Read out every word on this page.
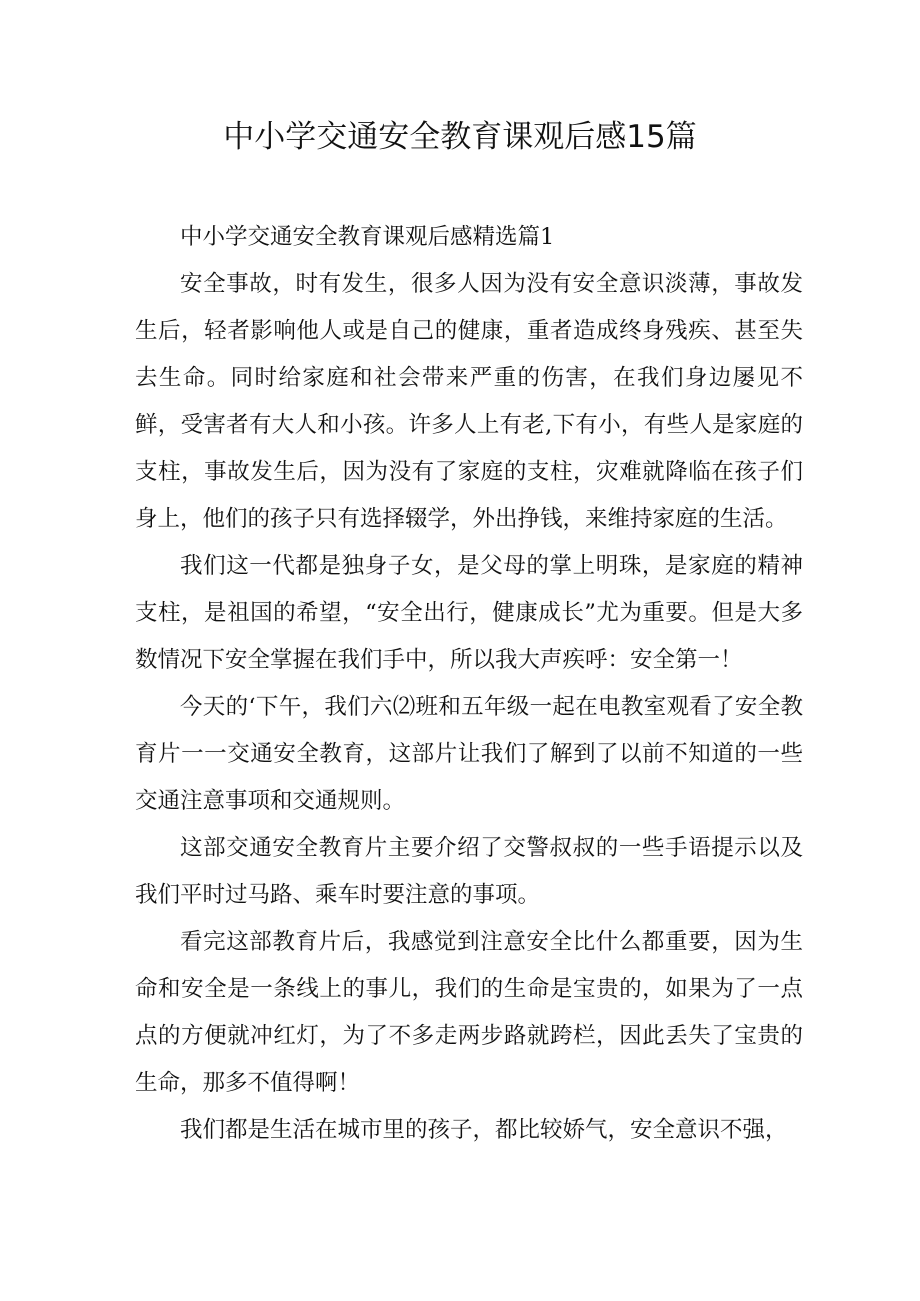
中小学交通安全教育课观后感15篇

中小学交通安全教育课观后感精选篇1

安全事故，时有发生，很多人因为没有安全意识淡薄，事故发生后，轻者影响他人或是自己的健康，重者造成终身残疾、甚至失去生命。同时给家庭和社会带来严重的伤害，在我们身边屡见不鲜，受害者有大人和小孩。许多人上有老,下有小，有些人是家庭的支柱，事故发生后，因为没有了家庭的支柱，灾难就降临在孩子们身上，他们的孩子只有选择辍学，外出挣钱，来维持家庭的生活。

我们这一代都是独身子女，是父母的掌上明珠，是家庭的精神支柱，是祖国的希望，“安全出行，健康成长”尤为重要。但是大多数情况下安全掌握在我们手中，所以我大声疾呼：安全第一！

今天的‘下午，我们六⑵班和五年级一起在电教室观看了安全教育片一一交通安全教育，这部片让我们了解到了以前不知道的一些交通注意事项和交通规则。

这部交通安全教育片主要介绍了交警叔叔的一些手语提示以及我们平时过马路、乘车时要注意的事项。

看完这部教育片后，我感觉到注意安全比什么都重要，因为生命和安全是一条线上的事儿，我们的生命是宝贵的，如果为了一点点的方便就冲红灯，为了不多走两步路就跨栏，因此丢失了宝贵的生命，那多不值得啊！

我们都是生活在城市里的孩子，都比较娇气，安全意识不强，
